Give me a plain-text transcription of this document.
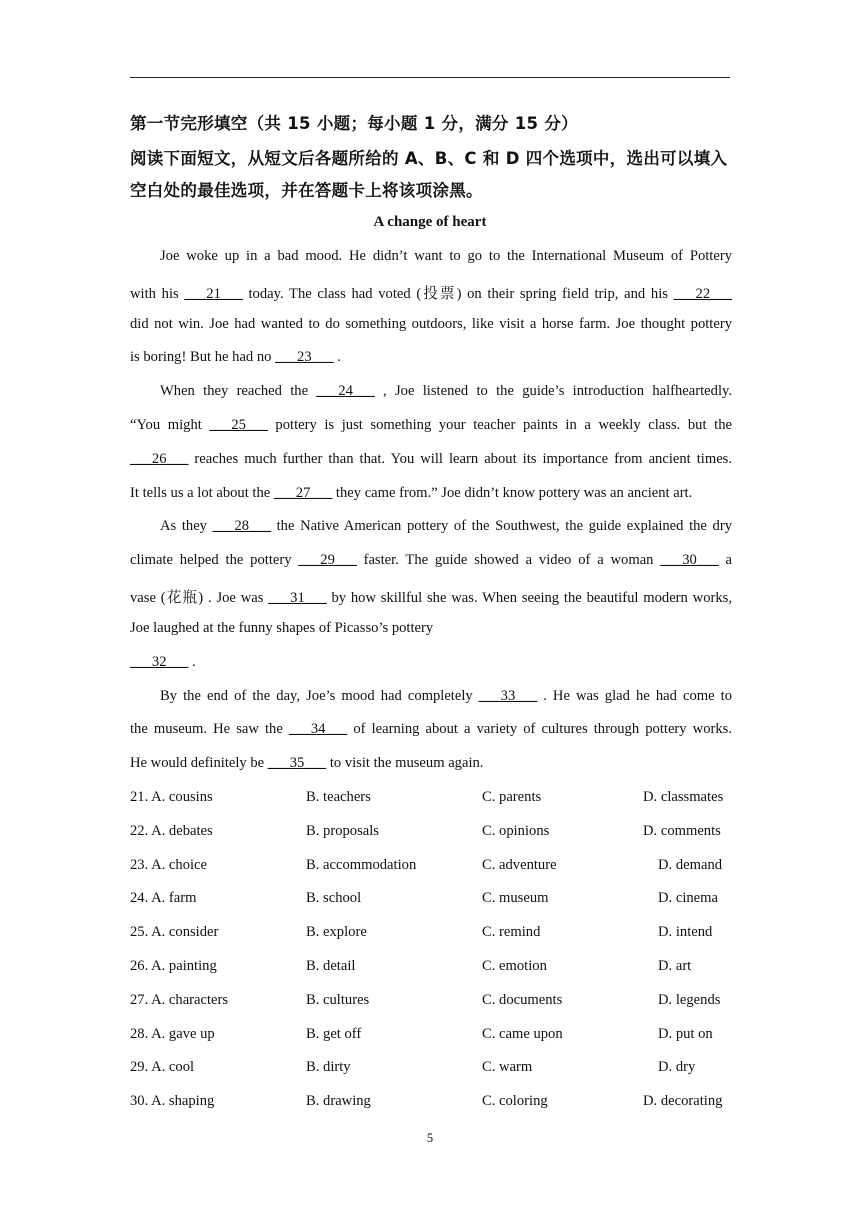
第一节完形填空（共 15 小题；每小题 1 分，满分 15 分）
阅读下面短文，从短文后各题所给的 A、B、C 和 D 四个选项中，选出可以填入
空白处的最佳选项，并在答题卡上将该项涂黑。
A change of heart
Joe woke up in a bad mood. He didn’t want to go to the International Museum of Pottery
with his ___21___ today. The class had voted (投票) on their spring field trip, and his ___22___
did not win. Joe had wanted to do something outdoors, like visit a horse farm. Joe thought pottery
is boring! But he had no ___23___ .
When they reached the ___24___ , Joe listened to the guide’s introduction halfheartedly.
“You might ___25___ pottery is just something your teacher paints in a weekly class. but the
___26___ reaches much further than that. You will learn about its importance from ancient times.
It tells us a lot about the ___27___ they came from.” Joe didn’t know pottery was an ancient art.
As they ___28___ the Native American pottery of the Southwest, the guide explained the dry
climate helped the pottery ___29___ faster. The guide showed a video of a woman ___30___ a
vase (花瓶) . Joe was ___31___ by how skillful she was. When seeing the beautiful modern works,
Joe laughed at the funny shapes of Picasso’s pottery
___32___ .
By the end of the day, Joe’s mood had completely ___33___ . He was glad he had come to
the museum. He saw the ___34___ of learning about a variety of cultures through pottery works.
He would definitely be ___35___ to visit the museum again.
21. A. cousins	B. teachers	C. parents	D. classmates
22. A. debates	B. proposals	C. opinions	D. comments
23. A. choice	B. accommodation	C. adventure	D. demand
24. A. farm	B. school	C. museum	D. cinema
25. A. consider	B. explore	C. remind	D. intend
26. A. painting	B. detail	C. emotion	D. art
27. A. characters	B. cultures	C. documents	D. legends
28. A. gave up	B. get off	C. came upon	D. put on
29. A. cool	B. dirty	C. warm	D. dry
30. A. shaping	B. drawing	C. coloring	D. decorating
5
